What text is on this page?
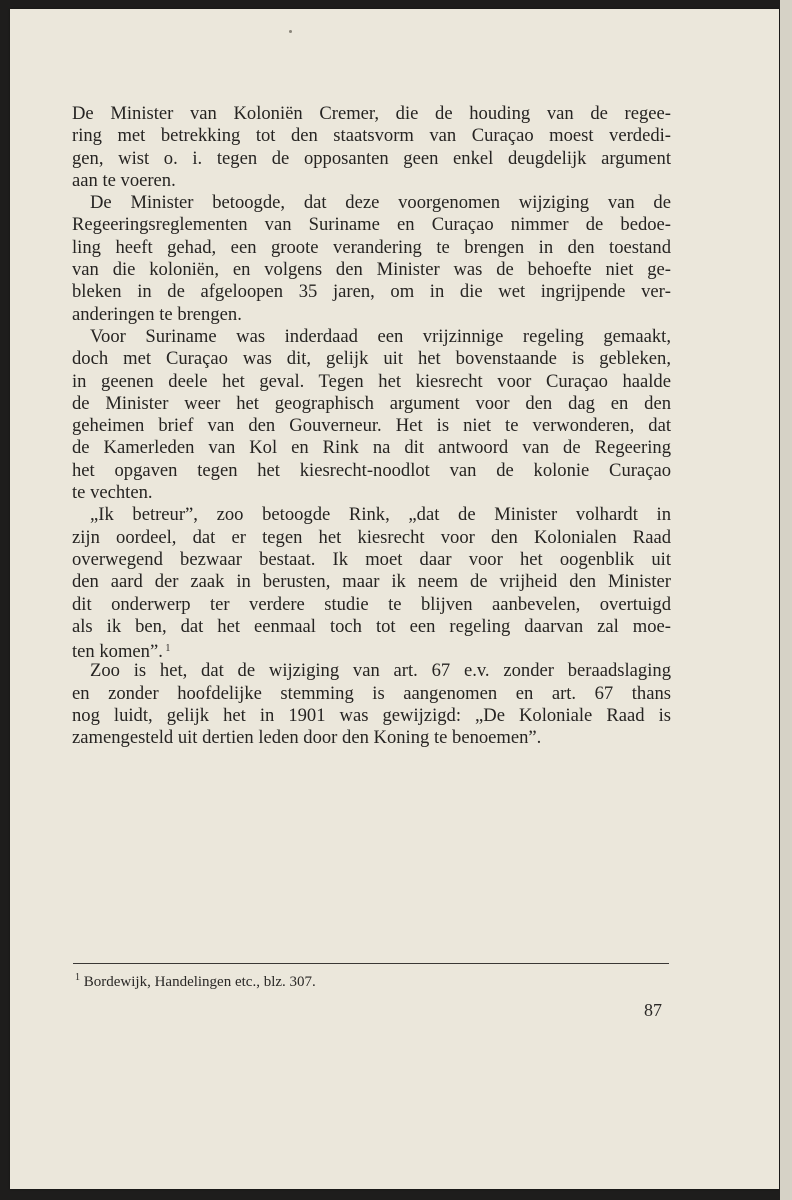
De Minister van Koloniën Cremer, die de houding van de regee‑
ring met betrekking tot den staatsvorm van Curaçao moest verdedi‑
gen, wist o. i. tegen de opposanten geen enkel deugdelijk argument
aan te voeren.
De Minister betoogde, dat deze voorgenomen wijziging van de
Regeeringsreglementen van Suriname en Curaçao nimmer de bedoe‑
ling heeft gehad, een groote verandering te brengen in den toestand
van die koloniën, en volgens den Minister was de behoefte niet ge‑
bleken in de afgeloopen 35 jaren, om in die wet ingrijpende ver‑
anderingen te brengen.
Voor Suriname was inderdaad een vrijzinnige regeling gemaakt,
doch met Curaçao was dit, gelijk uit het bovenstaande is gebleken,
in geenen deele het geval. Tegen het kiesrecht voor Curaçao haalde
de Minister weer het geographisch argument voor den dag en den
geheimen brief van den Gouverneur. Het is niet te verwonderen, dat
de Kamerleden van Kol en Rink na dit antwoord van de Regeering
het opgaven tegen het kiesrecht‑noodlot van de kolonie Curaçao
te vechten.
„Ik betreur”, zoo betoogde Rink, „dat de Minister volhardt in
zijn oordeel, dat er tegen het kiesrecht voor den Kolonialen Raad
overwegend bezwaar bestaat. Ik moet daar voor het oogenblik uit
den aard der zaak in berusten, maar ik neem de vrijheid den Minister
dit onderwerp ter verdere studie te blijven aanbevelen, overtuigd
als ik ben, dat het eenmaal toch tot een regeling daarvan zal moe‑
ten komen”. $^1$
Zoo is het, dat de wijziging van art. 67 e.v. zonder beraadslaging
en zonder hoofdelijke stemming is aangenomen en art. 67 thans
nog luidt, gelijk het in 1901 was gewijzigd: „De Koloniale Raad is
zamengesteld uit dertien leden door den Koning te benoemen”.
$^1$ Bordewijk, Handelingen etc., blz. 307.
87
